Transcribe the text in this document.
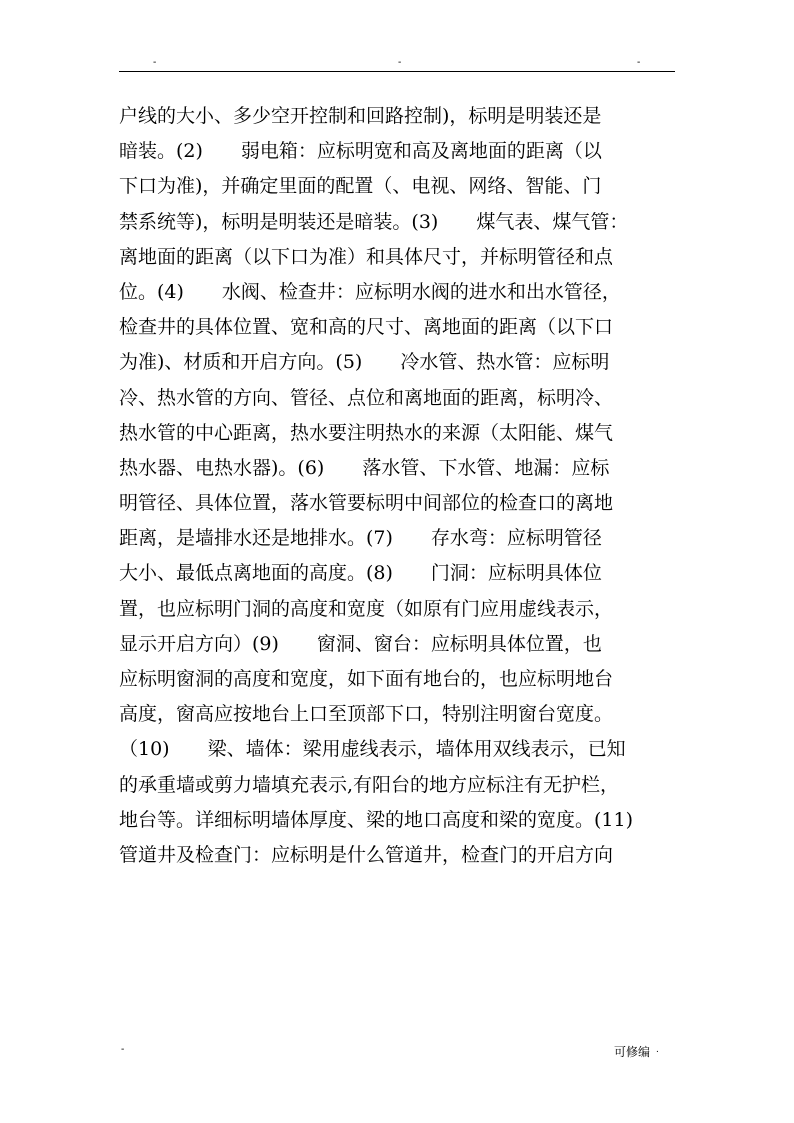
-	-	-
户线的大小、多少空开控制和回路控制)，标明是明装还是
暗装。(2)　　弱电箱：应标明宽和高及离地面的距离（以
下口为准)，并确定里面的配置（、电视、网络、智能、门
禁系统等)，标明是明装还是暗装。(3)　　煤气表、煤气管：
离地面的距离（以下口为准）和具体尺寸，并标明管径和点
位。(4)　　水阀、检查井：应标明水阀的进水和出水管径，
检查井的具体位置、宽和高的尺寸、离地面的距离（以下口
为准)、材质和开启方向。(5)　　冷水管、热水管：应标明
冷、热水管的方向、管径、点位和离地面的距离，标明冷、
热水管的中心距离，热水要注明热水的来源（太阳能、煤气
热水器、电热水器)。(6)　　落水管、下水管、地漏：应标
明管径、具体位置，落水管要标明中间部位的检查口的离地
距离，是墙排水还是地排水。(7)　　存水弯：应标明管径
大小、最低点离地面的高度。(8)　　门洞：应标明具体位
置，也应标明门洞的高度和宽度（如原有门应用虚线表示，
显示开启方向）(9)　　窗洞、窗台：应标明具体位置，也
应标明窗洞的高度和宽度，如下面有地台的，也应标明地台
高度，窗高应按地台上口至顶部下口，特别注明窗台宽度。
（10)　　梁、墙体：梁用虚线表示，墙体用双线表示，已知
的承重墙或剪力墙填充表示,有阳台的地方应标注有无护栏，
地台等。详细标明墙体厚度、梁的地口高度和梁的宽度。(11)
管道井及检查门：应标明是什么管道井，检查门的开启方向
-	可修编 .
